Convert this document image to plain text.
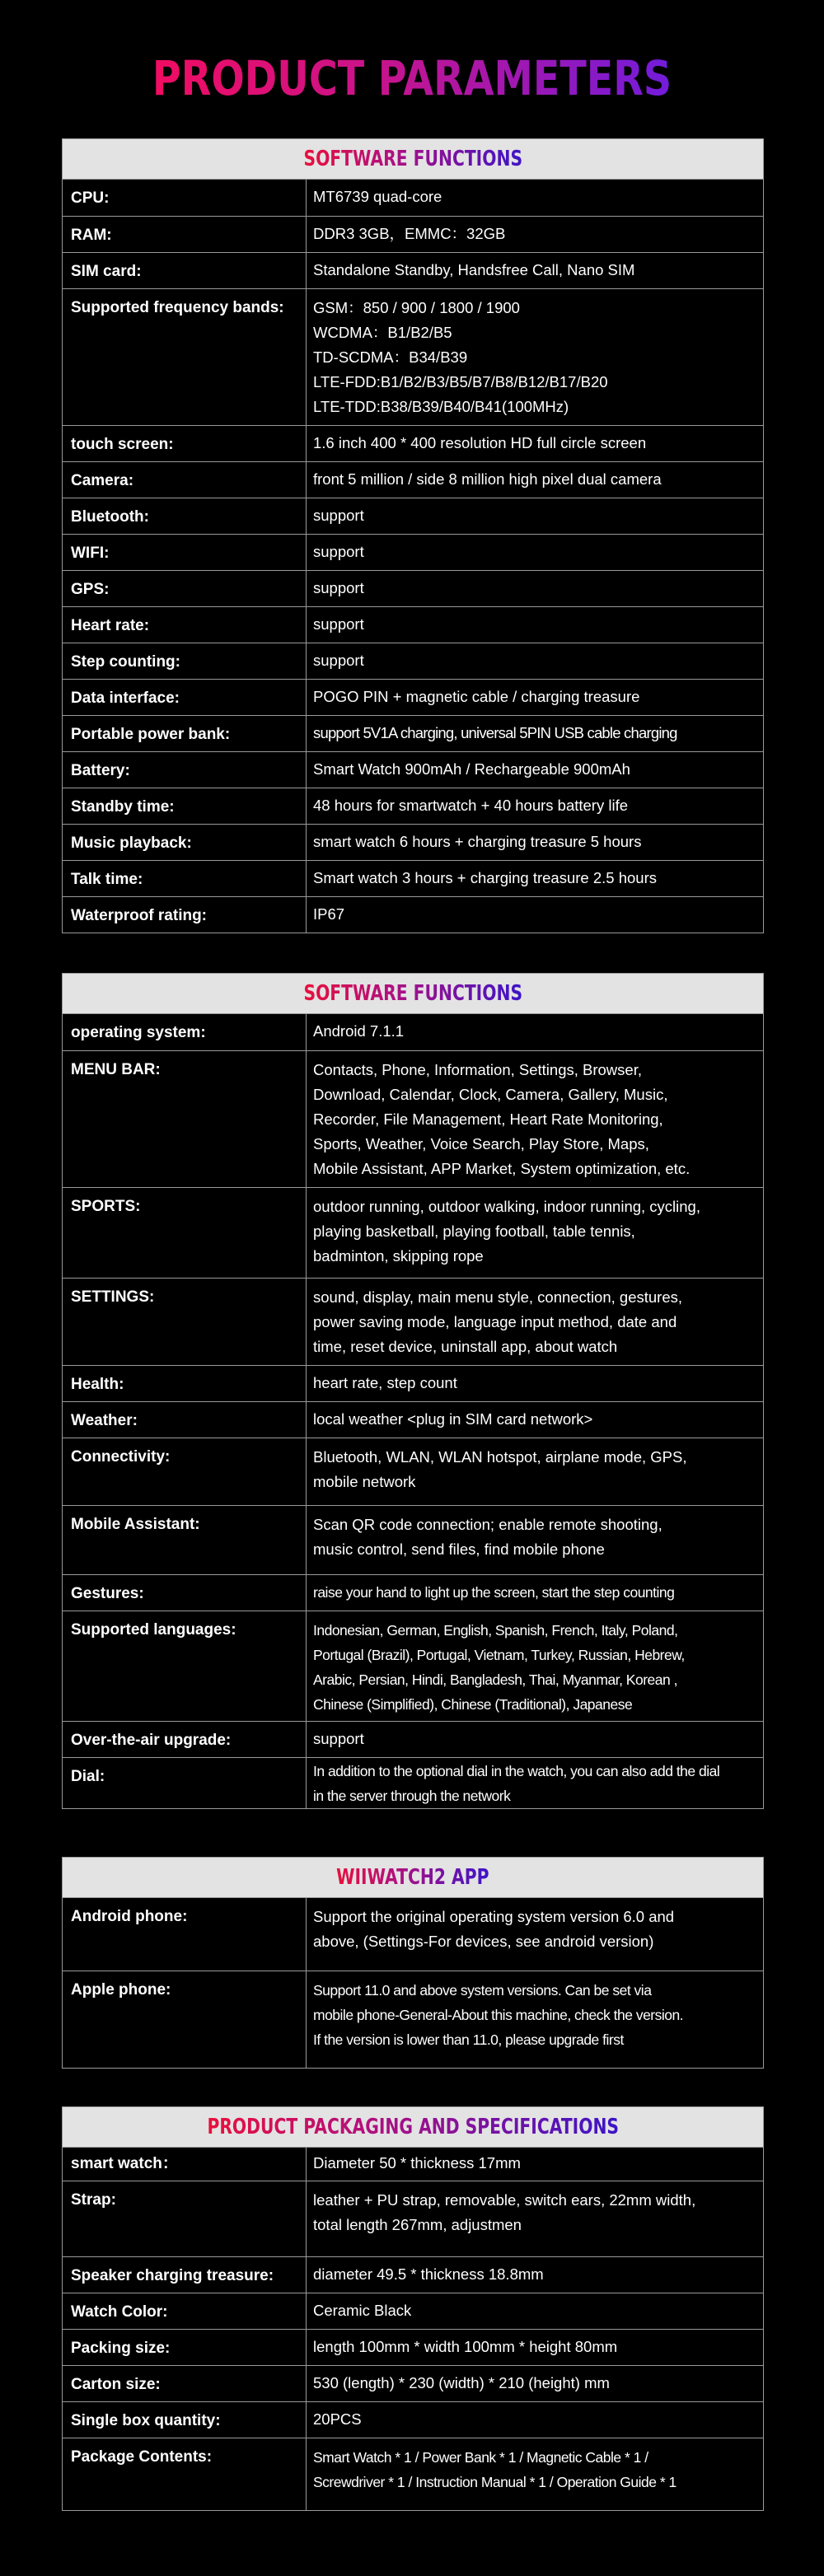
PRODUCT PARAMETERS
SOFTWARE FUNCTIONS
CPU:	MT6739 quad-core
RAM:	DDR3 3GB，EMMC：32GB
SIM card:	Standalone Standby, Handsfree Call, Nano SIM
Supported frequency bands:	GSM：850 / 900 / 1800 / 1900
WCDMA：B1/B2/B5
TD-SCDMA：B34/B39
LTE-FDD:B1/B2/B3/B5/B7/B8/B12/B17/B20
LTE-TDD:B38/B39/B40/B41(100MHz)
touch screen:	1.6 inch 400 * 400 resolution HD full circle screen
Camera:	front 5 million / side 8 million high pixel dual camera
Bluetooth:	support
WIFI:	support
GPS:	support
Heart rate:	support
Step counting:	support
Data interface:	POGO PIN + magnetic cable / charging treasure
Portable power bank:	support 5V1A charging, universal 5PIN USB cable charging
Battery:	Smart Watch 900mAh / Rechargeable 900mAh
Standby time:	48 hours for smartwatch + 40 hours battery life
Music playback:	smart watch 6 hours + charging treasure 5 hours
Talk time:	Smart watch 3 hours + charging treasure 2.5 hours
Waterproof rating:	IP67
SOFTWARE FUNCTIONS
operating system:	Android 7.1.1
MENU BAR:	Contacts, Phone, Information, Settings, Browser,
Download, Calendar, Clock, Camera, Gallery, Music,
Recorder, File Management, Heart Rate Monitoring,
Sports, Weather, Voice Search, Play Store, Maps,
Mobile Assistant, APP Market, System optimization, etc.
SPORTS:	outdoor running, outdoor walking, indoor running, cycling,
playing basketball, playing football, table tennis,
badminton, skipping rope
SETTINGS:	sound, display, main menu style, connection, gestures,
power saving mode, language input method, date and
time, reset device, uninstall app, about watch
Health:	heart rate, step count
Weather:	local weather <plug in SIM card network>
Connectivity:	Bluetooth, WLAN, WLAN hotspot, airplane mode, GPS,
mobile network
Mobile Assistant:	Scan QR code connection; enable remote shooting,
music control, send files, find mobile phone
Gestures:	raise your hand to light up the screen, start the step counting
Supported languages:	Indonesian, German, English, Spanish, French, Italy, Poland,
Portugal (Brazil), Portugal, Vietnam, Turkey, Russian, Hebrew,
Arabic, Persian, Hindi, Bangladesh, Thai, Myanmar, Korean ,
Chinese (Simplified), Chinese (Traditional), Japanese
Over-the-air upgrade:	support
Dial:	In addition to the optional dial in the watch, you can also add the dial
in the server through the network
WIIWATCH2 APP
Android phone:	Support the original operating system version 6.0 and
above, (Settings-For devices, see android version)
Apple phone:	Support 11.0 and above system versions. Can be set via
mobile phone-General-About this machine, check the version.
If the version is lower than 11.0, please upgrade first
PRODUCT PACKAGING AND SPECIFICATIONS
smart watch：	Diameter 50 * thickness 17mm
Strap:	leather + PU strap, removable, switch ears, 22mm width,
total length 267mm, adjustmen
Speaker charging treasure:	diameter 49.5 * thickness 18.8mm
Watch Color:	Ceramic Black
Packing size:	length 100mm * width 100mm * height 80mm
Carton size:	530 (length) * 230 (width) * 210 (height) mm
Single box quantity:	20PCS
Package Contents:	Smart Watch * 1 / Power Bank * 1 / Magnetic Cable * 1 /
Screwdriver * 1 / Instruction Manual * 1 / Operation Guide * 1
